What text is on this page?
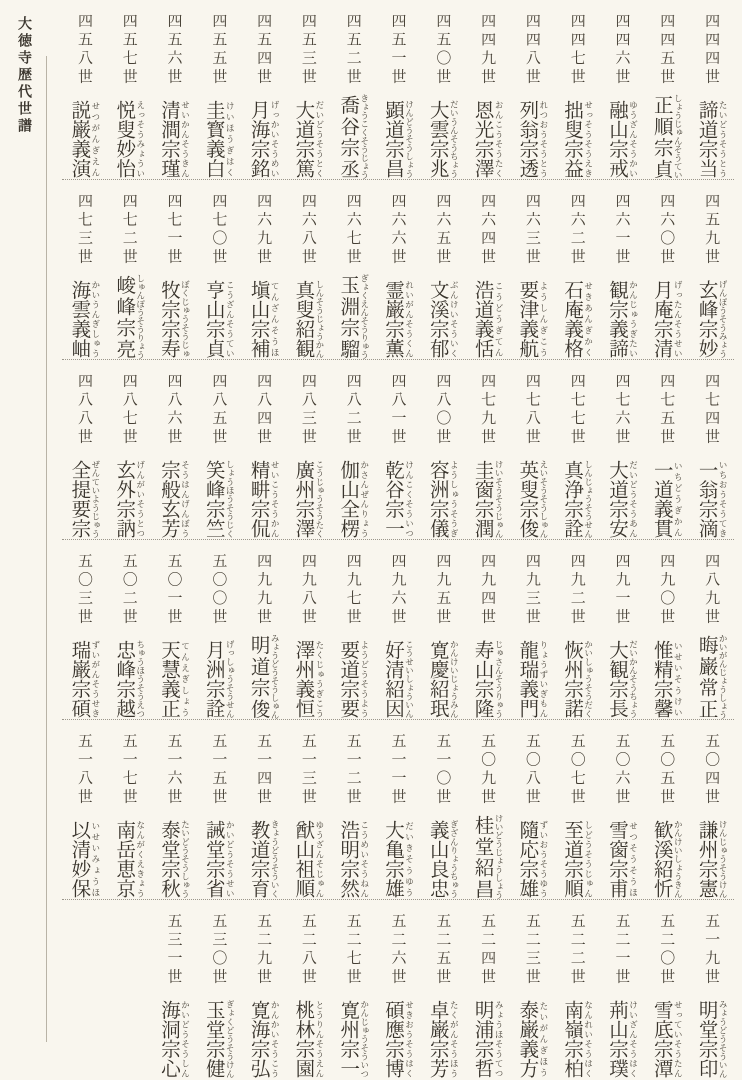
大徳寺歴代世譜	四四四世
諦道宗当たいどうそうとう
四四五世
正順宗貞しょうじゅんそうてい
四四六世
融山宗戒ゆうざんそうかい
四四七世
拙叟宗益せっそうそうえき
四四八世
列翁宗透れつおうそうとう
四四九世
恩光宗澤おんこうそうたく
四五〇世
大雲宗兆だいうんそうちょう
四五一世
顕道宗昌けんどうそうしょう
四五二世
喬谷宗丞きょうこくそうじょう
四五三世
大道宗篤だいどうそうとく
四五四世
月海宗銘げっかいそうめい
四五五世
圭寳義白けいほうぎはく
四五六世
清澗宗瑾せいかんそうきん
四五七世
悦叟妙怡えっそうみょうい
四五八世
説巌義演せつがんぎえん
四五九世
玄峰宗妙げんぽうそうみょう
四六〇世
月庵宗清げったんそうせい
四六一世
観宗義諦かんじゅうぎたい
四六二世
石庵義格せきあんぎかく
四六三世
要津義航ようしんぎこう
四六四世
浩道義恬こうどうぎてん
四六五世
文溪宗郁ぶんけいそういく
四六六世
霊巌宗薫れいがんそうくん
四六七世
玉淵宗騮ぎょくえんそうりゅう
四六八世
真叟紹観しんそうじょうかん
四六九世
塡山宗補てんざんそうほ
四七〇世
亨山宗貞こうざんそうてい
四七一世
牧宗宗寿ぼくじゅうそうじゅ
四七二世
峻峰宗亮しゅんぽうそうりょう
四七三世
海雲義岫かいうんぎしゅう
四七四世
一翁宗滴いちおうそうてき
四七五世
一道義貫いちどうぎかん
四七六世
大道宗安だいどうそうあん
四七七世
真浄宗詮しんじょうそうせん
四七八世
英叟宗俊えいそうそうしゅん
四七九世
圭窗宗潤けいそうそうじゅん
四八〇世
容洲宗儀ようしゅうそうぎ
四八一世
乾谷宗一けんこくそういつ
四八二世
伽山全楞かさんぜんりょう
四八三世
廣州宗澤こうじゅうそうたく
四八四世
精畊宗侃せいこうそうかん
四八五世
笑峰宗竺しょうほうそうじく
四八六世
宗般玄芳そうはんげんぼう
四八七世
玄外宗訥げんがいそうとつ
四八八世
全提要宗ぜんていようじゅう
四八九世
晦巌常正かいがんじょうしょう
四九〇世
惟精宗馨いせいそうけい
四九一世
大観宗長だいかんそうちょう
四九二世
恢州宗諾かいしゅうそうだく
四九三世
龍瑞義門りょうずいぎもん
四九四世
寿山宗隆じゅさんそうりゅう
四九五世
寛慶紹珉かんけいじょうみん
四九六世
好清紹因こうせいしょういん
四九七世
要道宗要ようどうそうよう
四九八世
澤州義恒たくじゅうぎこう
四九九世
明道宗俊みょうどうそうしゅん
五〇〇世
月洲宗詮げっしゅうそうせん
五〇一世
天慧義正てんえぎしょう
五〇二世
忠峰宗越ちゅうほうそうえつ
五〇三世
瑞巌宗碩ずいがんそうせき
五〇四世
謙州宗憲けんじゅうそうけん
五〇五世
歓溪紹忻かんけいしょうきん
五〇六世
雪窗宗甫せつそうそうほ
五〇七世
至道宗順しどうそうじゅん
五〇八世
隨応宗雄ずいおうそうゆう
五〇九世
桂堂紹昌けいどうじょうしょう
五一〇世
義山良忠ぎざんりょうちゅう
五一一世
大亀宗雄だいきそうゆう
五一二世
浩明宗然こうめいそうねん
五一三世
猷山祖順ゆうざんそじゅん
五一四世
教道宗育きょうどうそういく
五一五世
誡堂宗省かいどうそうせい
五一六世
泰堂宗秋たいどうそうしゅう
五一七世
南岳恵京なんがくえきょう
五一八世
以清妙保いせいみょうほ
五一九世
明堂宗印みょうどうそういん
五二〇世
雪底宗潭せっていそうたん
五二一世
荊山宗璞けいざんそうはく
五二二世
南嶺宗柏なんれいそうはく
五二三世
泰巌義方たいがんぎほう
五二四世
明浦宗哲みょうほそうてつ
五二五世
卓巌宗芳たくがんそうほう
五二六世
碩應宗博せきおうそうはく
五二七世
寛州宗一かんじゅうそういつ
五二八世
桃林宗園とうりんそうえん
五二九世
寛海宗弘かんかいそうこう
五三〇世
玉堂宗健ぎょくどうそうけん
五三一世
海洞宗心かいどうそうしん
